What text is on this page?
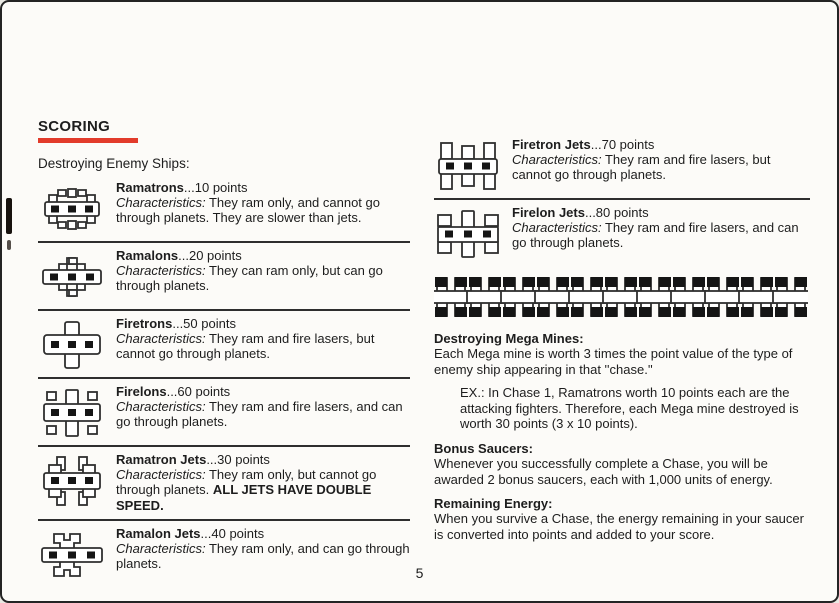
SCORING
Destroying Enemy Ships:
Ramatrons...10 points
Characteristics: They ram only, and cannot go through planets. They are slower than jets.
Ramalons...20 points
Characteristics: They can ram only, but can go through planets.
Firetrons...50 points
Characteristics: They ram and fire lasers, but cannot go through planets.
Firelons...60 points
Characteristics: They ram and fire lasers, and can go through planets.
Ramatron Jets...30 points
Characteristics: They ram only, but cannot go through planets. ALL JETS HAVE DOUBLE SPEED.
Ramalon Jets...40 points
Characteristics: They ram only, and can go through planets.
Firetron Jets...70 points
Characteristics: They ram and fire lasers, but cannot go through planets.
Firelon Jets...80 points
Characteristics: They ram and fire lasers, and can go through planets.
Destroying Mega Mines:
Each Mega mine is worth 3 times the point value of the type of enemy ship appearing in that ''chase.''
EX.: In Chase 1, Ramatrons worth 10 points each are the attacking fighters. Therefore, each Mega mine destroyed is worth 30 points (3 x 10 points).
Bonus Saucers:
Whenever you successfully complete a Chase, you will be awarded 2 bonus saucers, each with 1,000 units of energy.
Remaining Energy:
When you survive a Chase, the energy remaining in your saucer is converted into points and added to your score.
5
